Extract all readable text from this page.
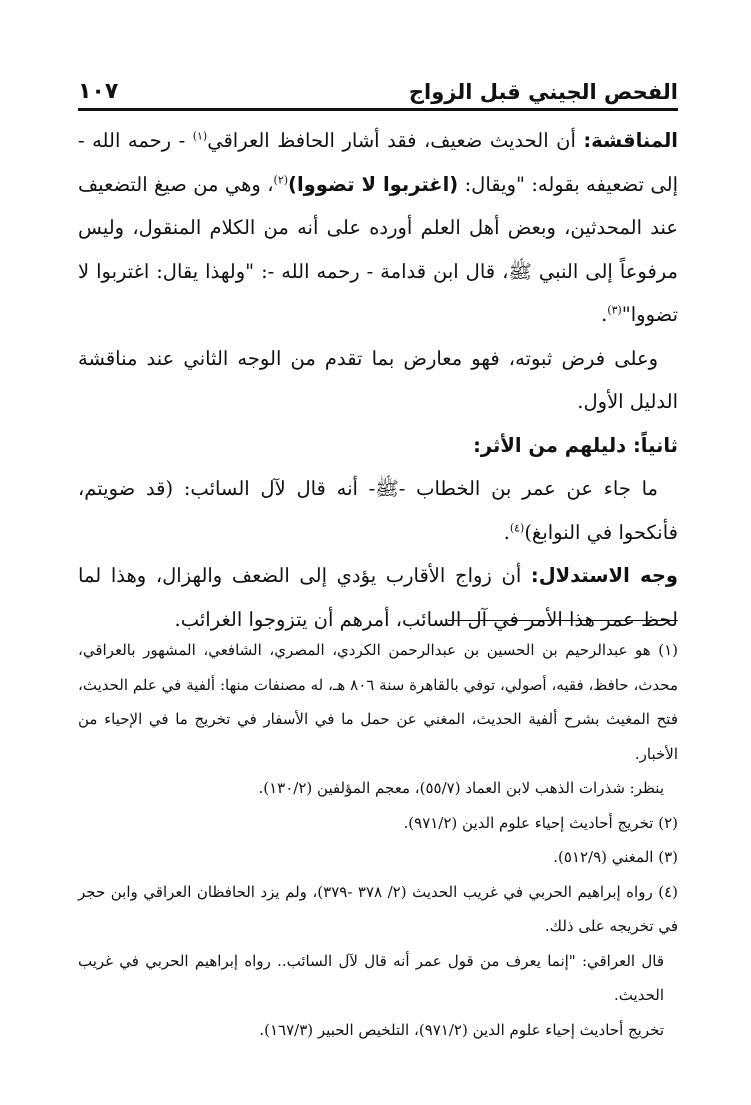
الفحص الجيني قبل الزواج
١٠٧

المناقشة: أن الحديث ضعيف، فقد أشار الحافظ العراقي$^{(١)}$ - رحمه الله - إلى تضعيفه بقوله: "ويقال: (اغتربوا لا تضووا)$^{(٢)}$، وهي من صيغ التضعيف عند المحدثين، وبعض أهل العلم أورده على أنه من الكلام المنقول، وليس مرفوعاً إلى النبي ﷺ، قال ابن قدامة - رحمه الله -: "ولهذا يقال: اغتربوا لا تضووا"$^{(٣)}$.

وعلى فرض ثبوته، فهو معارض بما تقدم من الوجه الثاني عند مناقشة الدليل الأول.

ثانياً: دليلهم من الأثر:

ما جاء عن عمر بن الخطاب -ﷺ- أنه قال لآل السائب: (قد ضويتم، فأنكحوا في النوابغ)$^{(٤)}$.

وجه الاستدلال: أن زواج الأقارب يؤدي إلى الضعف والهزال، وهذا لما لحظ عمر هذا الأمر في آل السائب، أمرهم أن يتزوجوا الغرائب.

(١) هو عبدالرحيم بن الحسين بن عبدالرحمن الكردي، المصري، الشافعي، المشهور بالعراقي، محدث، حافظ، فقيه، أصولي، توفي بالقاهرة سنة ٨٠٦ هـ، له مصنفات منها: ألفية في علم الحديث، فتح المغيث بشرح ألفية الحديث، المغني عن حمل ما في الأسفار في تخريج ما في الإحياء من الأخبار.

ينظر: شذرات الذهب لابن العماد (٥٥/٧)، معجم المؤلفين (١٣٠/٢).

(٢) تخريج أحاديث إحياء علوم الدين (٩٧١/٢).

(٣) المغني (٥١٢/٩).

(٤) رواه إبراهيم الحربي في غريب الحديث (٢/ ٣٧٨ -٣٧٩)، ولم يزد الحافظان العراقي وابن حجر في تخريجه على ذلك.

قال العراقي: "إنما يعرف من قول عمر أنه قال لآل السائب.. رواه إبراهيم الحربي في غريب الحديث.

تخريج أحاديث إحياء علوم الدين (٩٧١/٢)، التلخيص الحبير (١٦٧/٣).
